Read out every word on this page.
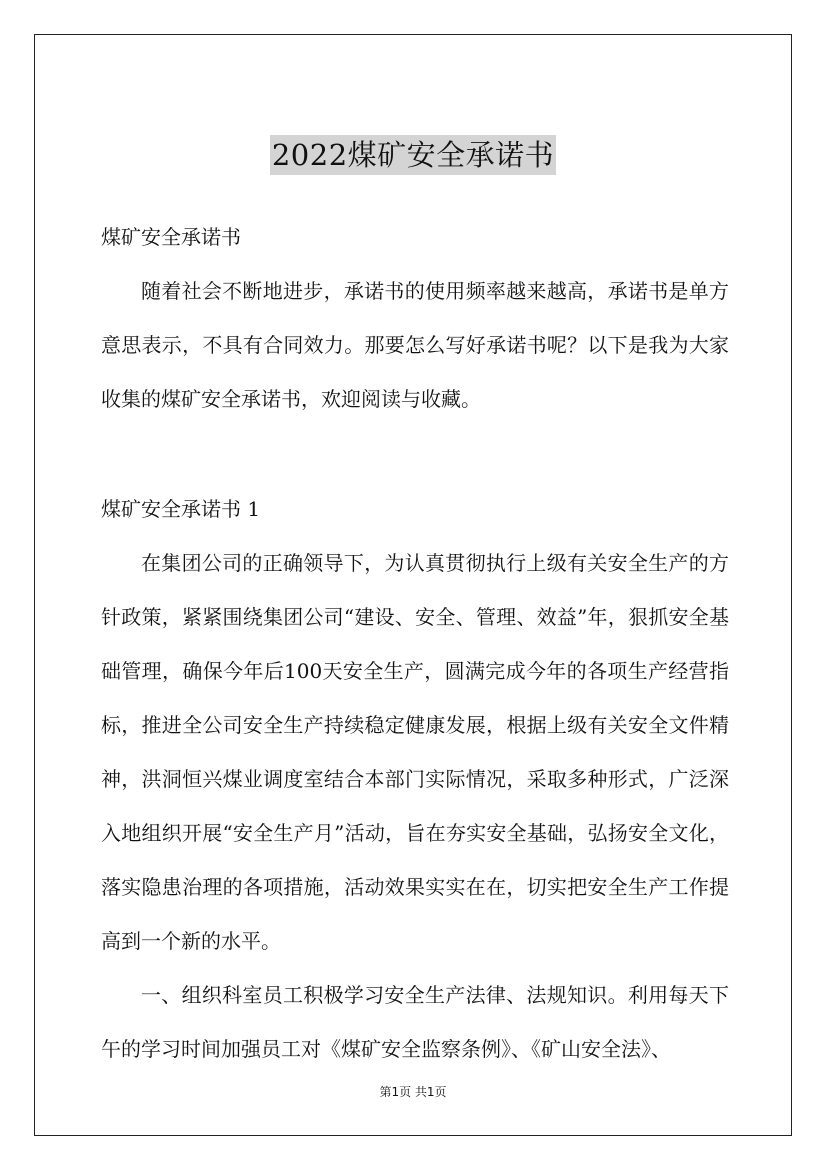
2022煤矿安全承诺书

煤矿安全承诺书

随着社会不断地进步，承诺书的使用频率越来越高，承诺书是单方意思表示，不具有合同效力。那要怎么写好承诺书呢？以下是我为大家收集的煤矿安全承诺书，欢迎阅读与收藏。

煤矿安全承诺书 1

在集团公司的正确领导下，为认真贯彻执行上级有关安全生产的方针政策，紧紧围绕集团公司“建设、安全、管理、效益”年，狠抓安全基础管理，确保今年后100天安全生产，圆满完成今年的各项生产经营指标，推进全公司安全生产持续稳定健康发展，根据上级有关安全文件精神，洪洞恒兴煤业调度室结合本部门实际情况，采取多种形式，广泛深入地组织开展“安全生产月”活动，旨在夯实安全基础，弘扬安全文化，落实隐患治理的各项措施，活动效果实实在在，切实把安全生产工作提高到一个新的水平。

一、组织科室员工积极学习安全生产法律、法规知识。利用每天下午的学习时间加强员工对《煤矿安全监察条例》、《矿山安全法》、

第1页 共1页
